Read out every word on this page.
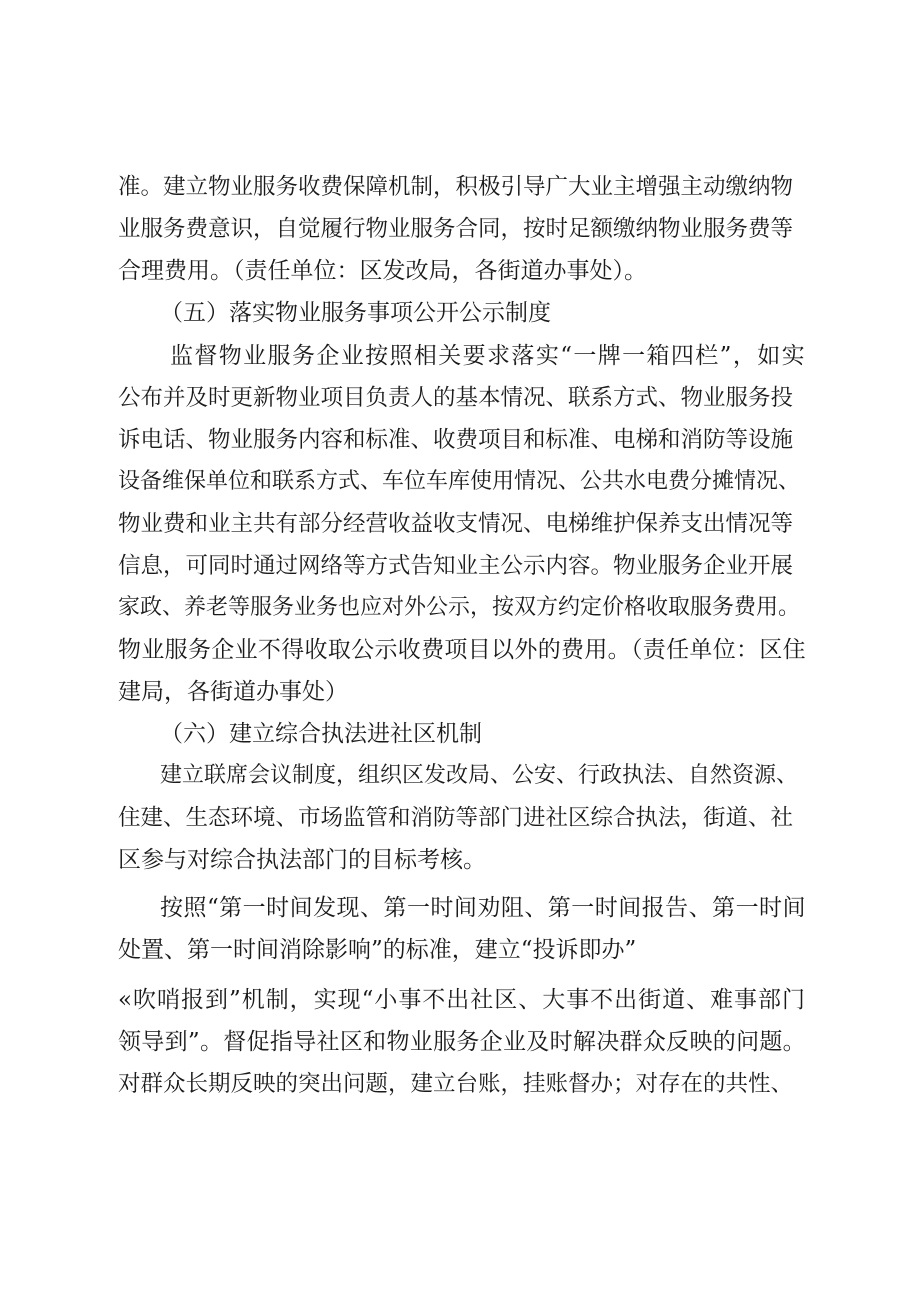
准。建立物业服务收费保障机制，积极引导广大业主增强主动缴纳物
业服务费意识，自觉履行物业服务合同，按时足额缴纳物业服务费等
合理费用。（责任单位：区发改局，各街道办事处）。
（五）落实物业服务事项公开公示制度
监督物业服务企业按照相关要求落实“一牌一箱四栏”，如实
公布并及时更新物业项目负责人的基本情况、联系方式、物业服务投
诉电话、物业服务内容和标准、收费项目和标准、电梯和消防等设施
设备维保单位和联系方式、车位车库使用情况、公共水电费分摊情况、
物业费和业主共有部分经营收益收支情况、电梯维护保养支出情况等
信息，可同时通过网络等方式告知业主公示内容。物业服务企业开展
家政、养老等服务业务也应对外公示，按双方约定价格收取服务费用。
物业服务企业不得收取公示收费项目以外的费用。（责任单位：区住
建局，各街道办事处）
（六）建立综合执法进社区机制
建立联席会议制度，组织区发改局、公安、行政执法、自然资源、
住建、生态环境、市场监管和消防等部门进社区综合执法，街道、社
区参与对综合执法部门的目标考核。
按照“第一时间发现、第一时间劝阻、第一时间报告、第一时间
处置、第一时间消除影响”的标准，建立“投诉即办”
«吹哨报到”机制，实现“小事不出社区、大事不出街道、难事部门
领导到”。督促指导社区和物业服务企业及时解决群众反映的问题。
对群众长期反映的突出问题，建立台账，挂账督办；对存在的共性、
